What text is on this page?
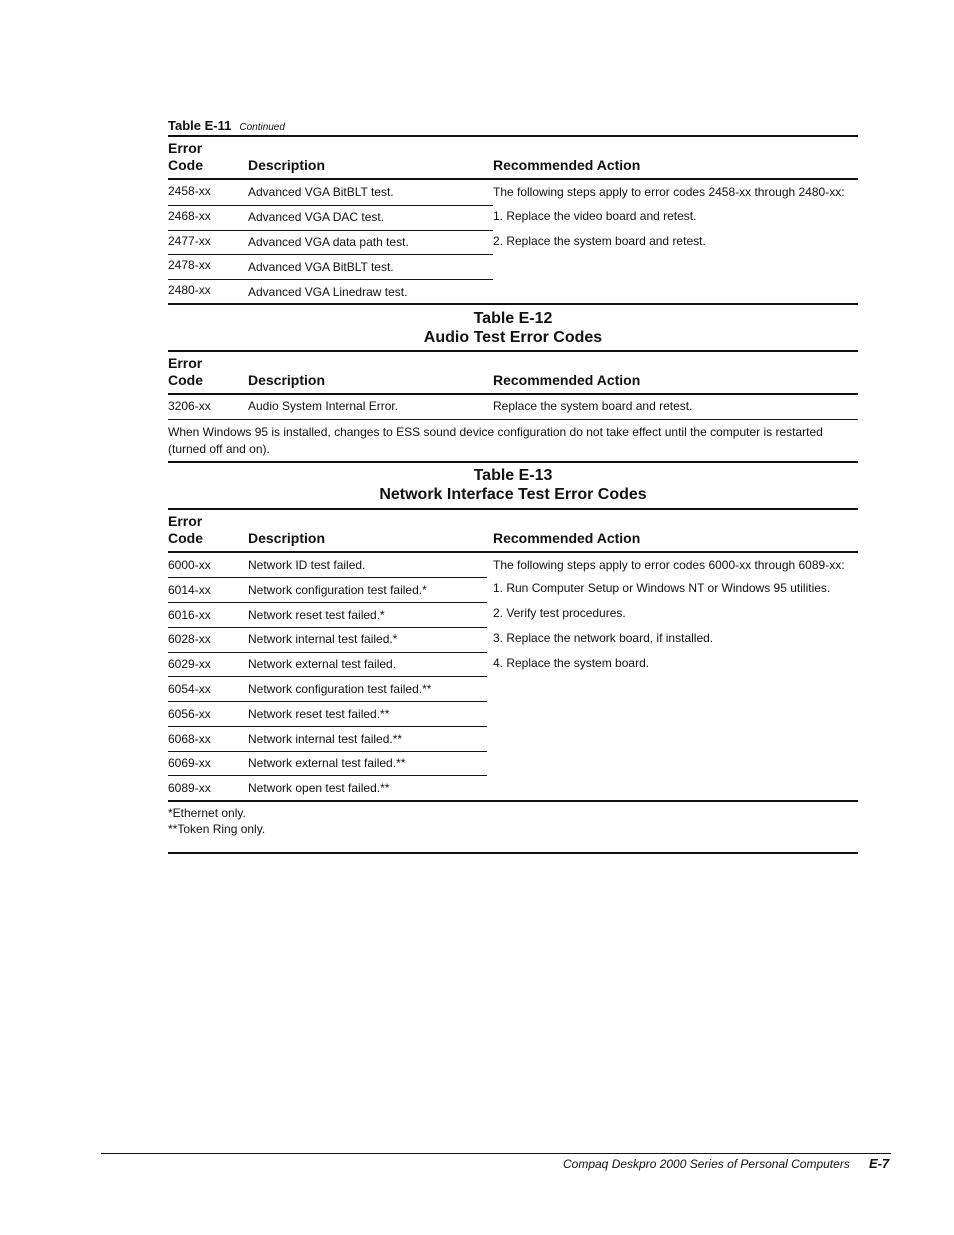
Table E-11 Continued
Error
Code	Description	Recommended Action
2458-xx	Advanced VGA BitBLT test.
2468-xx	Advanced VGA DAC test.
2477-xx	Advanced VGA data path test.
2478-xx	Advanced VGA BitBLT test.
2480-xx	Advanced VGA Linedraw test.
The following steps apply to error codes 2458-xx through 2480-xx:
1. Replace the video board and retest.
2. Replace the system board and retest.
Table E-12
Audio Test Error Codes
Error
Code	Description	Recommended Action
3206-xx	Audio System Internal Error.	Replace the system board and retest.
When Windows 95 is installed, changes to ESS sound device configuration do not take effect until the computer is restarted (turned off and on).
Table E-13
Network Interface Test Error Codes
Error
Code	Description	Recommended Action
6000-xx	Network ID test failed.
6014-xx	Network configuration test failed.*
6016-xx	Network reset test failed.*
6028-xx	Network internal test failed.*
6029-xx	Network external test failed.
6054-xx	Network configuration test failed.**
6056-xx	Network reset test failed.**
6068-xx	Network internal test failed.**
6069-xx	Network external test failed.**
6089-xx	Network open test failed.**
The following steps apply to error codes 6000-xx through 6089-xx:
1. Run Computer Setup or Windows NT or Windows 95 utilities.
2. Verify test procedures.
3. Replace the network board, if installed.
4. Replace the system board.
*Ethernet only.
**Token Ring only.
Compaq Deskpro 2000 Series of Personal Computers E-7
